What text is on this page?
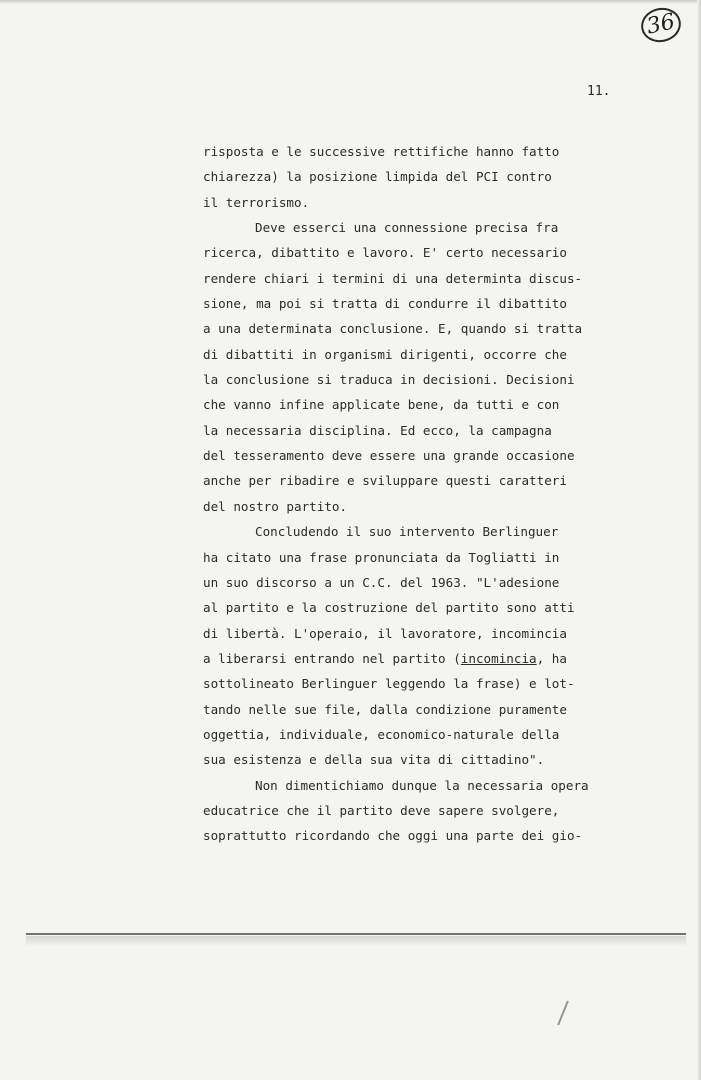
36
11.
risposta e le successive rettifiche hanno fatto
chiarezza) la posizione limpida del PCI contro
il terrorismo.
Deve esserci una connessione precisa fra
ricerca, dibattito e lavoro. E' certo necessario
rendere chiari i termini di una determinta discus-
sione, ma poi si tratta di condurre il dibattito
a una determinata conclusione. E, quando si tratta
di dibattiti in organismi dirigenti, occorre che
la conclusione si traduca in decisioni. Decisioni
che vanno infine applicate bene, da tutti e con
la necessaria disciplina. Ed ecco, la campagna
del tesseramento deve essere una grande occasione
anche per ribadire e sviluppare questi caratteri
del nostro partito.
Concludendo il suo intervento Berlinguer
ha citato una frase pronunciata da Togliatti in
un suo discorso a un C.C. del 1963. "L'adesione
al partito e la costruzione del partito sono atti
di libertà. L'operaio, il lavoratore, incomincia
a liberarsi entrando nel partito (incomincia, ha
sottolineato Berlinguer leggendo la frase) e lot-
tando nelle sue file, dalla condizione puramente
oggettia, individuale, economico-naturale della
sua esistenza e della sua vita di cittadino".
Non dimentichiamo dunque la necessaria opera
educatrice che il partito deve sapere svolgere,
soprattutto ricordando che oggi una parte dei gio-
